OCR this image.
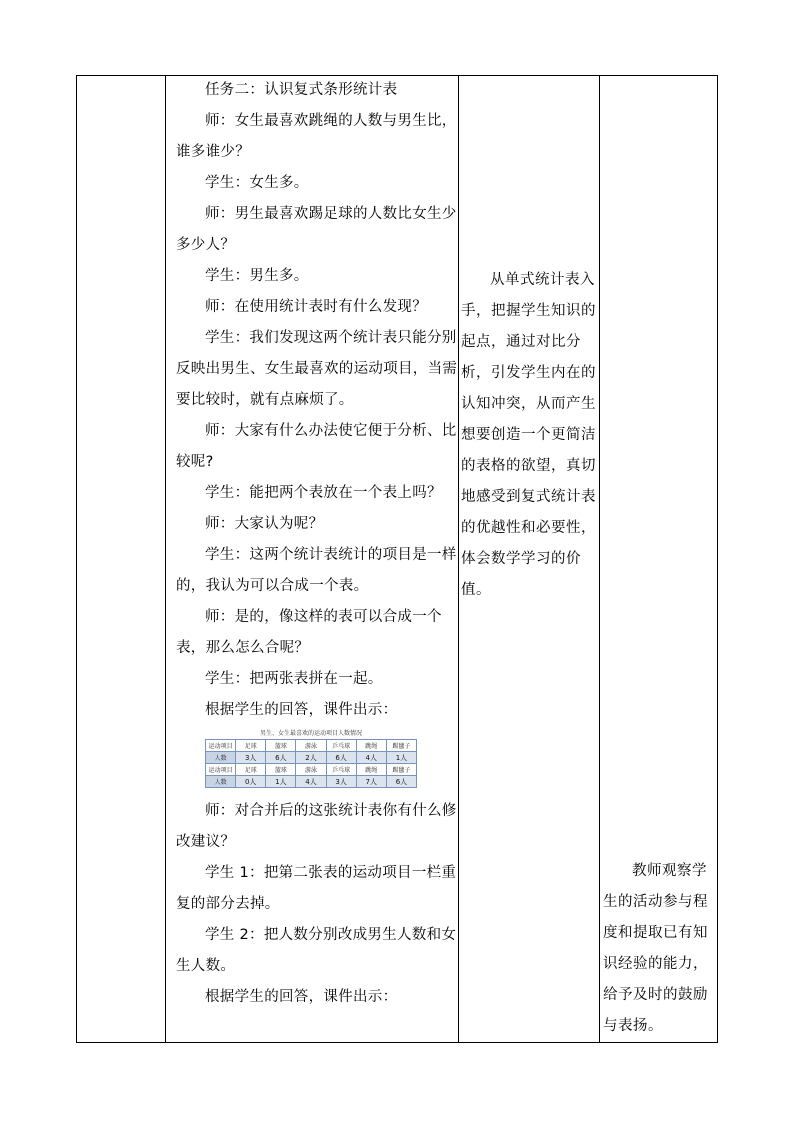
任务二：认识复式条形统计表

师：女生最喜欢跳绳的人数与男生比，谁多谁少？

学生：女生多。

师：男生最喜欢踢足球的人数比女生少多少人？

学生：男生多。

师：在使用统计表时有什么发现？

学生：我们发现这两个统计表只能分别反映出男生、女生最喜欢的运动项目，当需要比较时，就有点麻烦了。

师：大家有什么办法使它便于分析、比较呢?

学生：能把两个表放在一个表上吗？

师：大家认为呢？

学生：这两个统计表统计的项目是一样的，我认为可以合成一个表。

师：是的，像这样的表可以合成一个表，那么怎么合呢？

学生：把两张表拼在一起。

根据学生的回答，课件出示：

男生、女生最喜欢的运动项目人数情况
运动项目	足球	篮球	游泳	乒乓球	跳绳	踢毽子
人数	3人	6人	2人	6人	4人	1人
运动项目	足球	篮球	游泳	乒乓球	跳绳	踢毽子
人数	0人	1人	4人	3人	7人	6人

师：对合并后的这张统计表你有什么修改建议？

学生 1：把第二张表的运动项目一栏重复的部分去掉。

学生 2：把人数分别改成男生人数和女生人数。

根据学生的回答，课件出示：

从单式统计表入手，把握学生知识的起点，通过对比分析，引发学生内在的认知冲突，从而产生想要创造一个更简洁的表格的欲望，真切地感受到复式统计表的优越性和必要性，体会数学学习的价值。

教师观察学生的活动参与程度和提取已有知识经验的能力，给予及时的鼓励与表扬。
